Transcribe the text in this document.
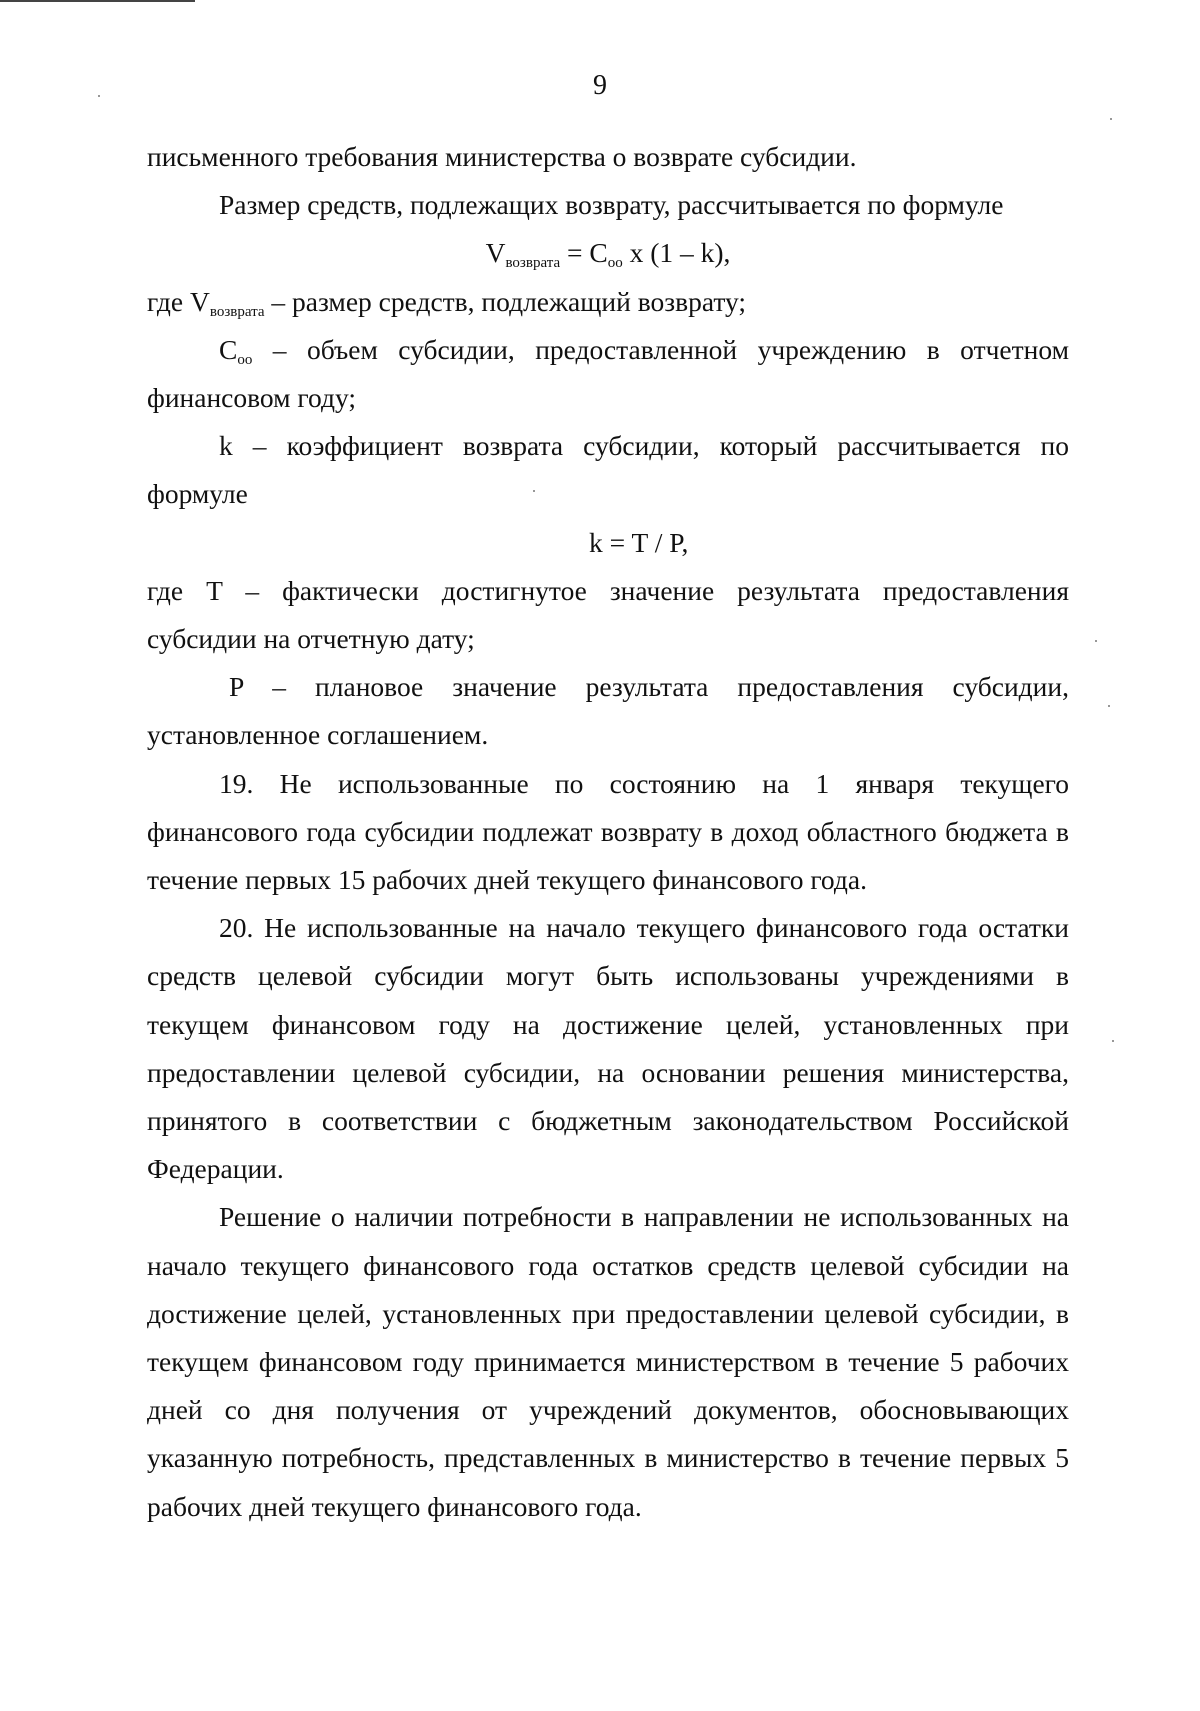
9

письменного требования министерства о возврате субсидии.

Размер средств, подлежащих возврату, рассчитывается по формуле

$V_{возврата} = C_{оо}$ x (1 – k),

где $V_{возврата}$ – размер средств, подлежащий возврату;

$C_{оо}$ – объем субсидии, предоставленной учреждению в отчетном финансовом году;

k – коэффициент возврата субсидии, который рассчитывается по формуле

k = T / P,

где T – фактически достигнутое значение результата предоставления субсидии на отчетную дату;

P – плановое значение результата предоставления субсидии, установленное соглашением.

19. Не использованные по состоянию на 1 января текущего финансового года субсидии подлежат возврату в доход областного бюджета в течение первых 15 рабочих дней текущего финансового года.

20. Не использованные на начало текущего финансового года остатки средств целевой субсидии могут быть использованы учреждениями в текущем финансовом году на достижение целей, установленных при предоставлении целевой субсидии, на основании решения министерства, принятого в соответствии с бюджетным законодательством Российской Федерации.

Решение о наличии потребности в направлении не использованных на начало текущего финансового года остатков средств целевой субсидии на достижение целей, установленных при предоставлении целевой субсидии, в текущем финансовом году принимается министерством в течение 5 рабочих дней со дня получения от учреждений документов, обосновывающих указанную потребность, представленных в министерство в течение первых 5 рабочих дней текущего финансового года.
